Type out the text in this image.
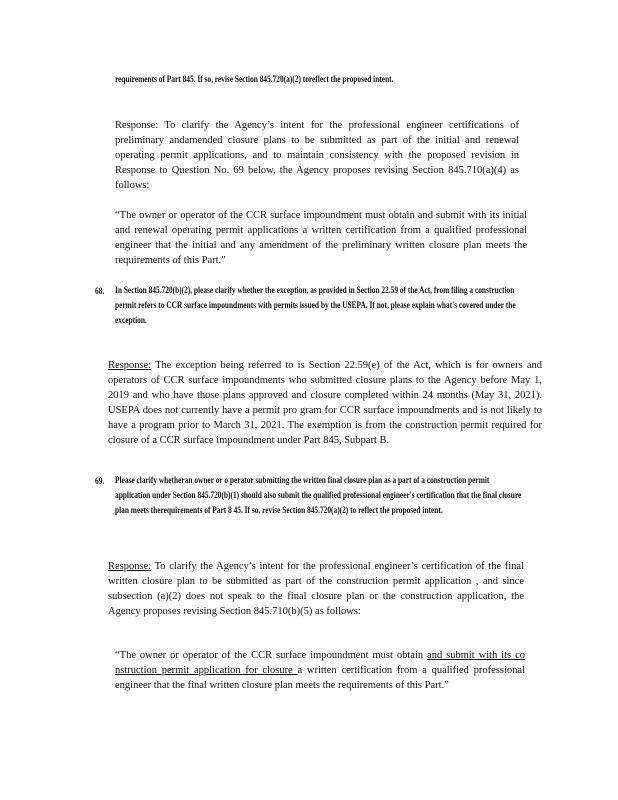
requirements of Part 845. If so, revise Section 845.720(a)(2) toreflect the proposed intent.

Response: To clarify the Agency’s intent for the professional engineer certifications of preliminary andamended closure plans to be submitted as part of the initial and renewal operating permit applications, and to maintain consistency with the proposed revision in Response to Question No. 69 below, the Agency proposes revising Section 845.710(a)(4) as follows:

“The owner or operator of the CCR surface impoundment must obtain and submit with its initial and renewal operating permit applications a written certification from a qualified professional engineer that the initial and any amendment of the preliminary written closure plan meets the requirements of this Part.”

68. In Section 845.720(b)(2), please clarify whether the exception, as provided in Section 22.59 of the Act, from filing a construction permit refers to CCR surface impoundments with permits issued by the USEPA. If not, please explain what's covered under the exception.

Response: The exception being referred to is Section 22.59(e) of the Act, which is for owners and operators of CCR surface impoundments who submitted closure plans to the Agency before May 1, 2019 and who have those plans approved and closure completed within 24 months (May 31, 2021). USEPA does not currently have a permit pro gram for CCR surface impoundments and is not likely to have a program prior to March 31, 2021. The exemption is from the construction permit required for closure of a CCR surface impoundment under Part 845, Subpart B.

69. Please clarify whetheran owner or o perator submitting the written final closure plan as a part of a construction permit application under Section 845.720(b)(1) should also submit the qualified professional engineer's certification that the final closure plan meets therequirements of Part 8 45. If so, revise Section 845.720(a)(2) to reflect the proposed intent.

Response: To clarify the Agency’s intent for the professional engineer’s certification of the final written closure plan to be submitted as part of the construction permit application , and since subsection (a)(2) does not speak to the final closure plan or the construction application, the Agency proposes revising Section 845.710(b)(5) as follows:

“The owner or operator of the CCR surface impoundment must obtain and submit with its co nstruction permit application for closure a written certification from a qualified professional engineer that the final written closure plan meets the requirements of this Part.”
